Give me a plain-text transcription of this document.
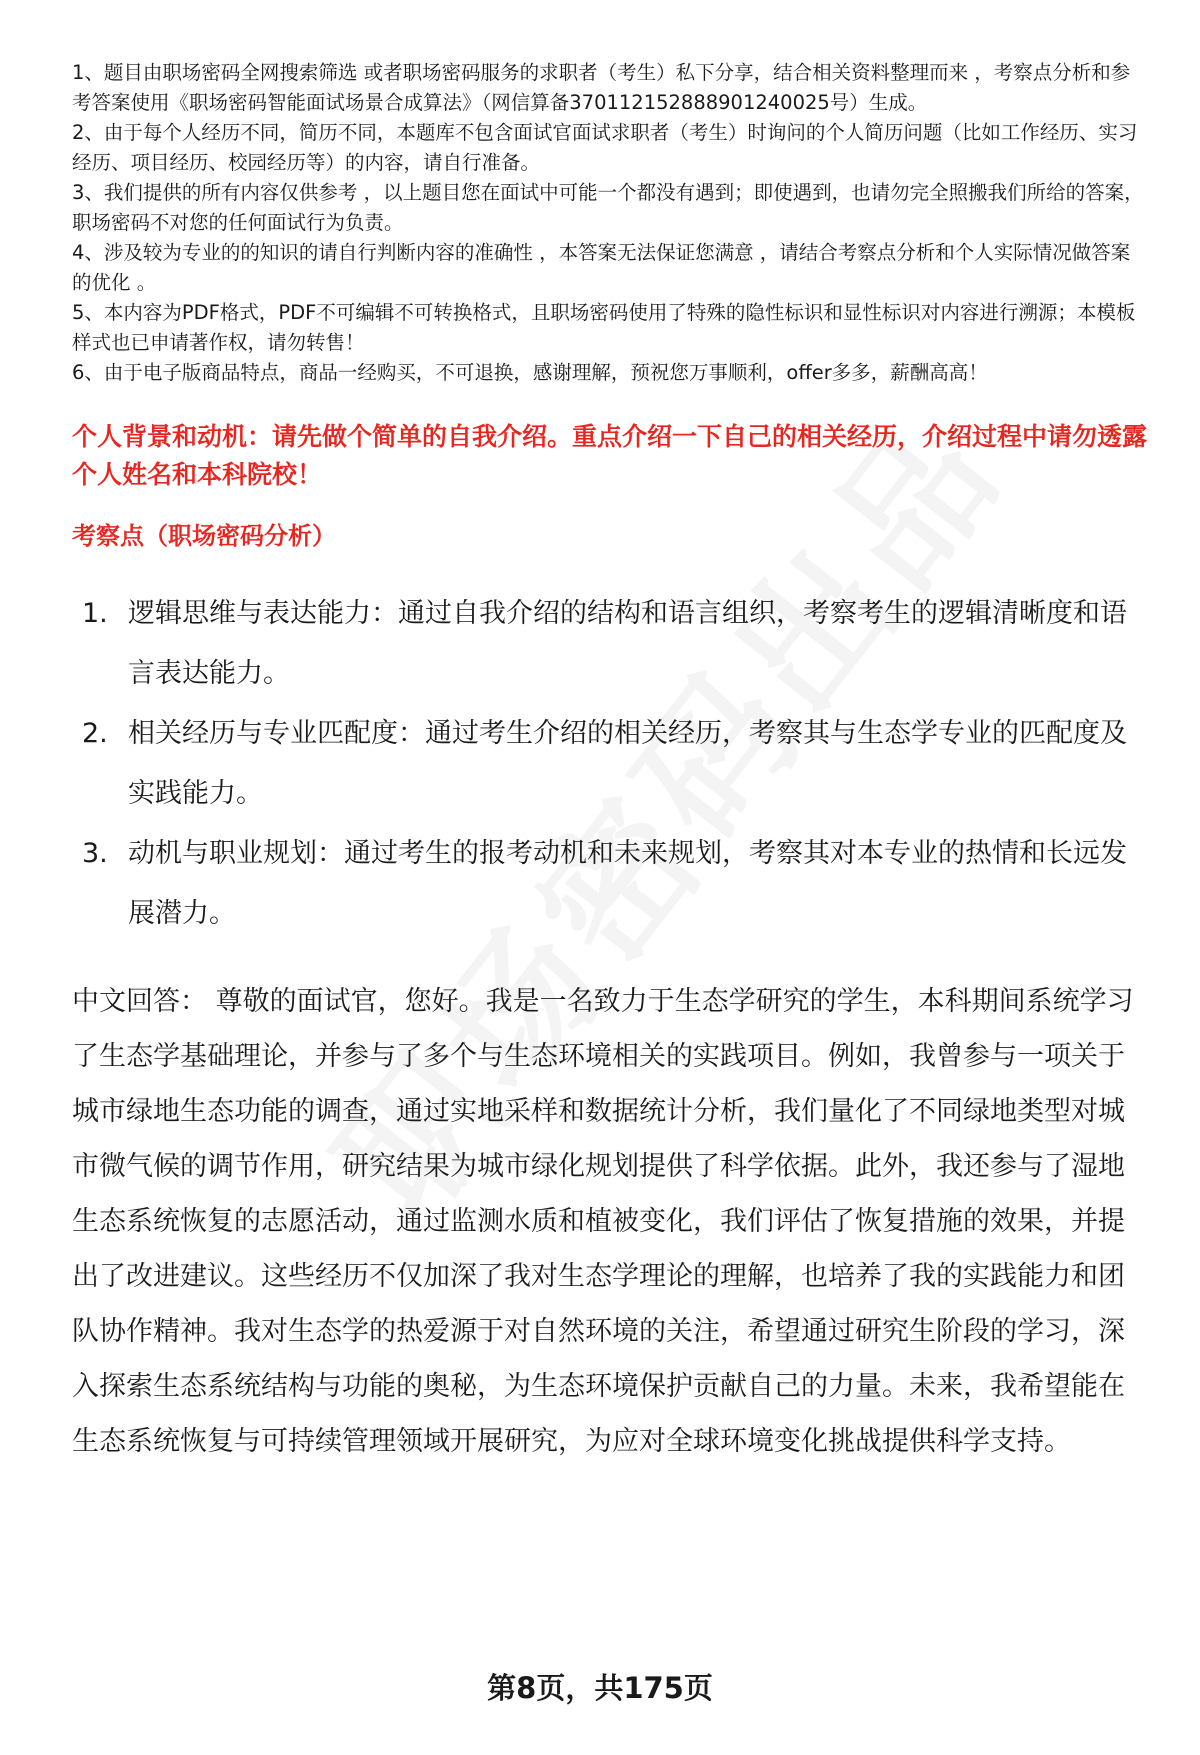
1、题目由职场密码全网搜索筛选 或者职场密码服务的求职者（考生）私下分享，结合相关资料整理而来 ，考察点分析和参考答案使用《职场密码智能面试场景合成算法》（网信算备370112152888901240025号）生成。
2、由于每个人经历不同，简历不同，本题库不包含面试官面试求职者（考生）时询问的个人简历问题（比如工作经历、实习经历、项目经历、校园经历等）的内容，请自行准备。
3、我们提供的所有内容仅供参考 ，以上题目您在面试中可能一个都没有遇到；即使遇到，也请勿完全照搬我们所给的答案，职场密码不对您的任何面试行为负责。
4、涉及较为专业的的知识的请自行判断内容的准确性 ，本答案无法保证您满意 ，请结合考察点分析和个人实际情况做答案的优化 。
5、本内容为PDF格式，PDF不可编辑不可转换格式，且职场密码使用了特殊的隐性标识和显性标识对内容进行溯源；本模板样式也已申请著作权，请勿转售！
6、由于电子版商品特点，商品一经购买，不可退换，感谢理解，预祝您万事顺利，offer多多，薪酬高高！
个人背景和动机：请先做个简单的自我介绍。重点介绍一下自己的相关经历，介绍过程中请勿透露个人姓名和本科院校！
考察点（职场密码分析）
1. 逻辑思维与表达能力：通过自我介绍的结构和语言组织，考察考生的逻辑清晰度和语言表达能力。
2. 相关经历与专业匹配度：通过考生介绍的相关经历，考察其与生态学专业的匹配度及实践能力。
3. 动机与职业规划：通过考生的报考动机和未来规划，考察其对本专业的热情和长远发展潜力。
中文回答： 尊敬的面试官，您好。我是一名致力于生态学研究的学生，本科期间系统学习了生态学基础理论，并参与了多个与生态环境相关的实践项目。例如，我曾参与一项关于城市绿地生态功能的调查，通过实地采样和数据统计分析，我们量化了不同绿地类型对城市微气候的调节作用，研究结果为城市绿化规划提供了科学依据。此外，我还参与了湿地生态系统恢复的志愿活动，通过监测水质和植被变化，我们评估了恢复措施的效果，并提出了改进建议。这些经历不仅加深了我对生态学理论的理解，也培养了我的实践能力和团队协作精神。我对生态学的热爱源于对自然环境的关注，希望通过研究生阶段的学习，深入探索生态系统结构与功能的奥秘，为生态环境保护贡献自己的力量。未来，我希望能在生态系统恢复与可持续管理领域开展研究，为应对全球环境变化挑战提供科学支持。
第8页，共175页
